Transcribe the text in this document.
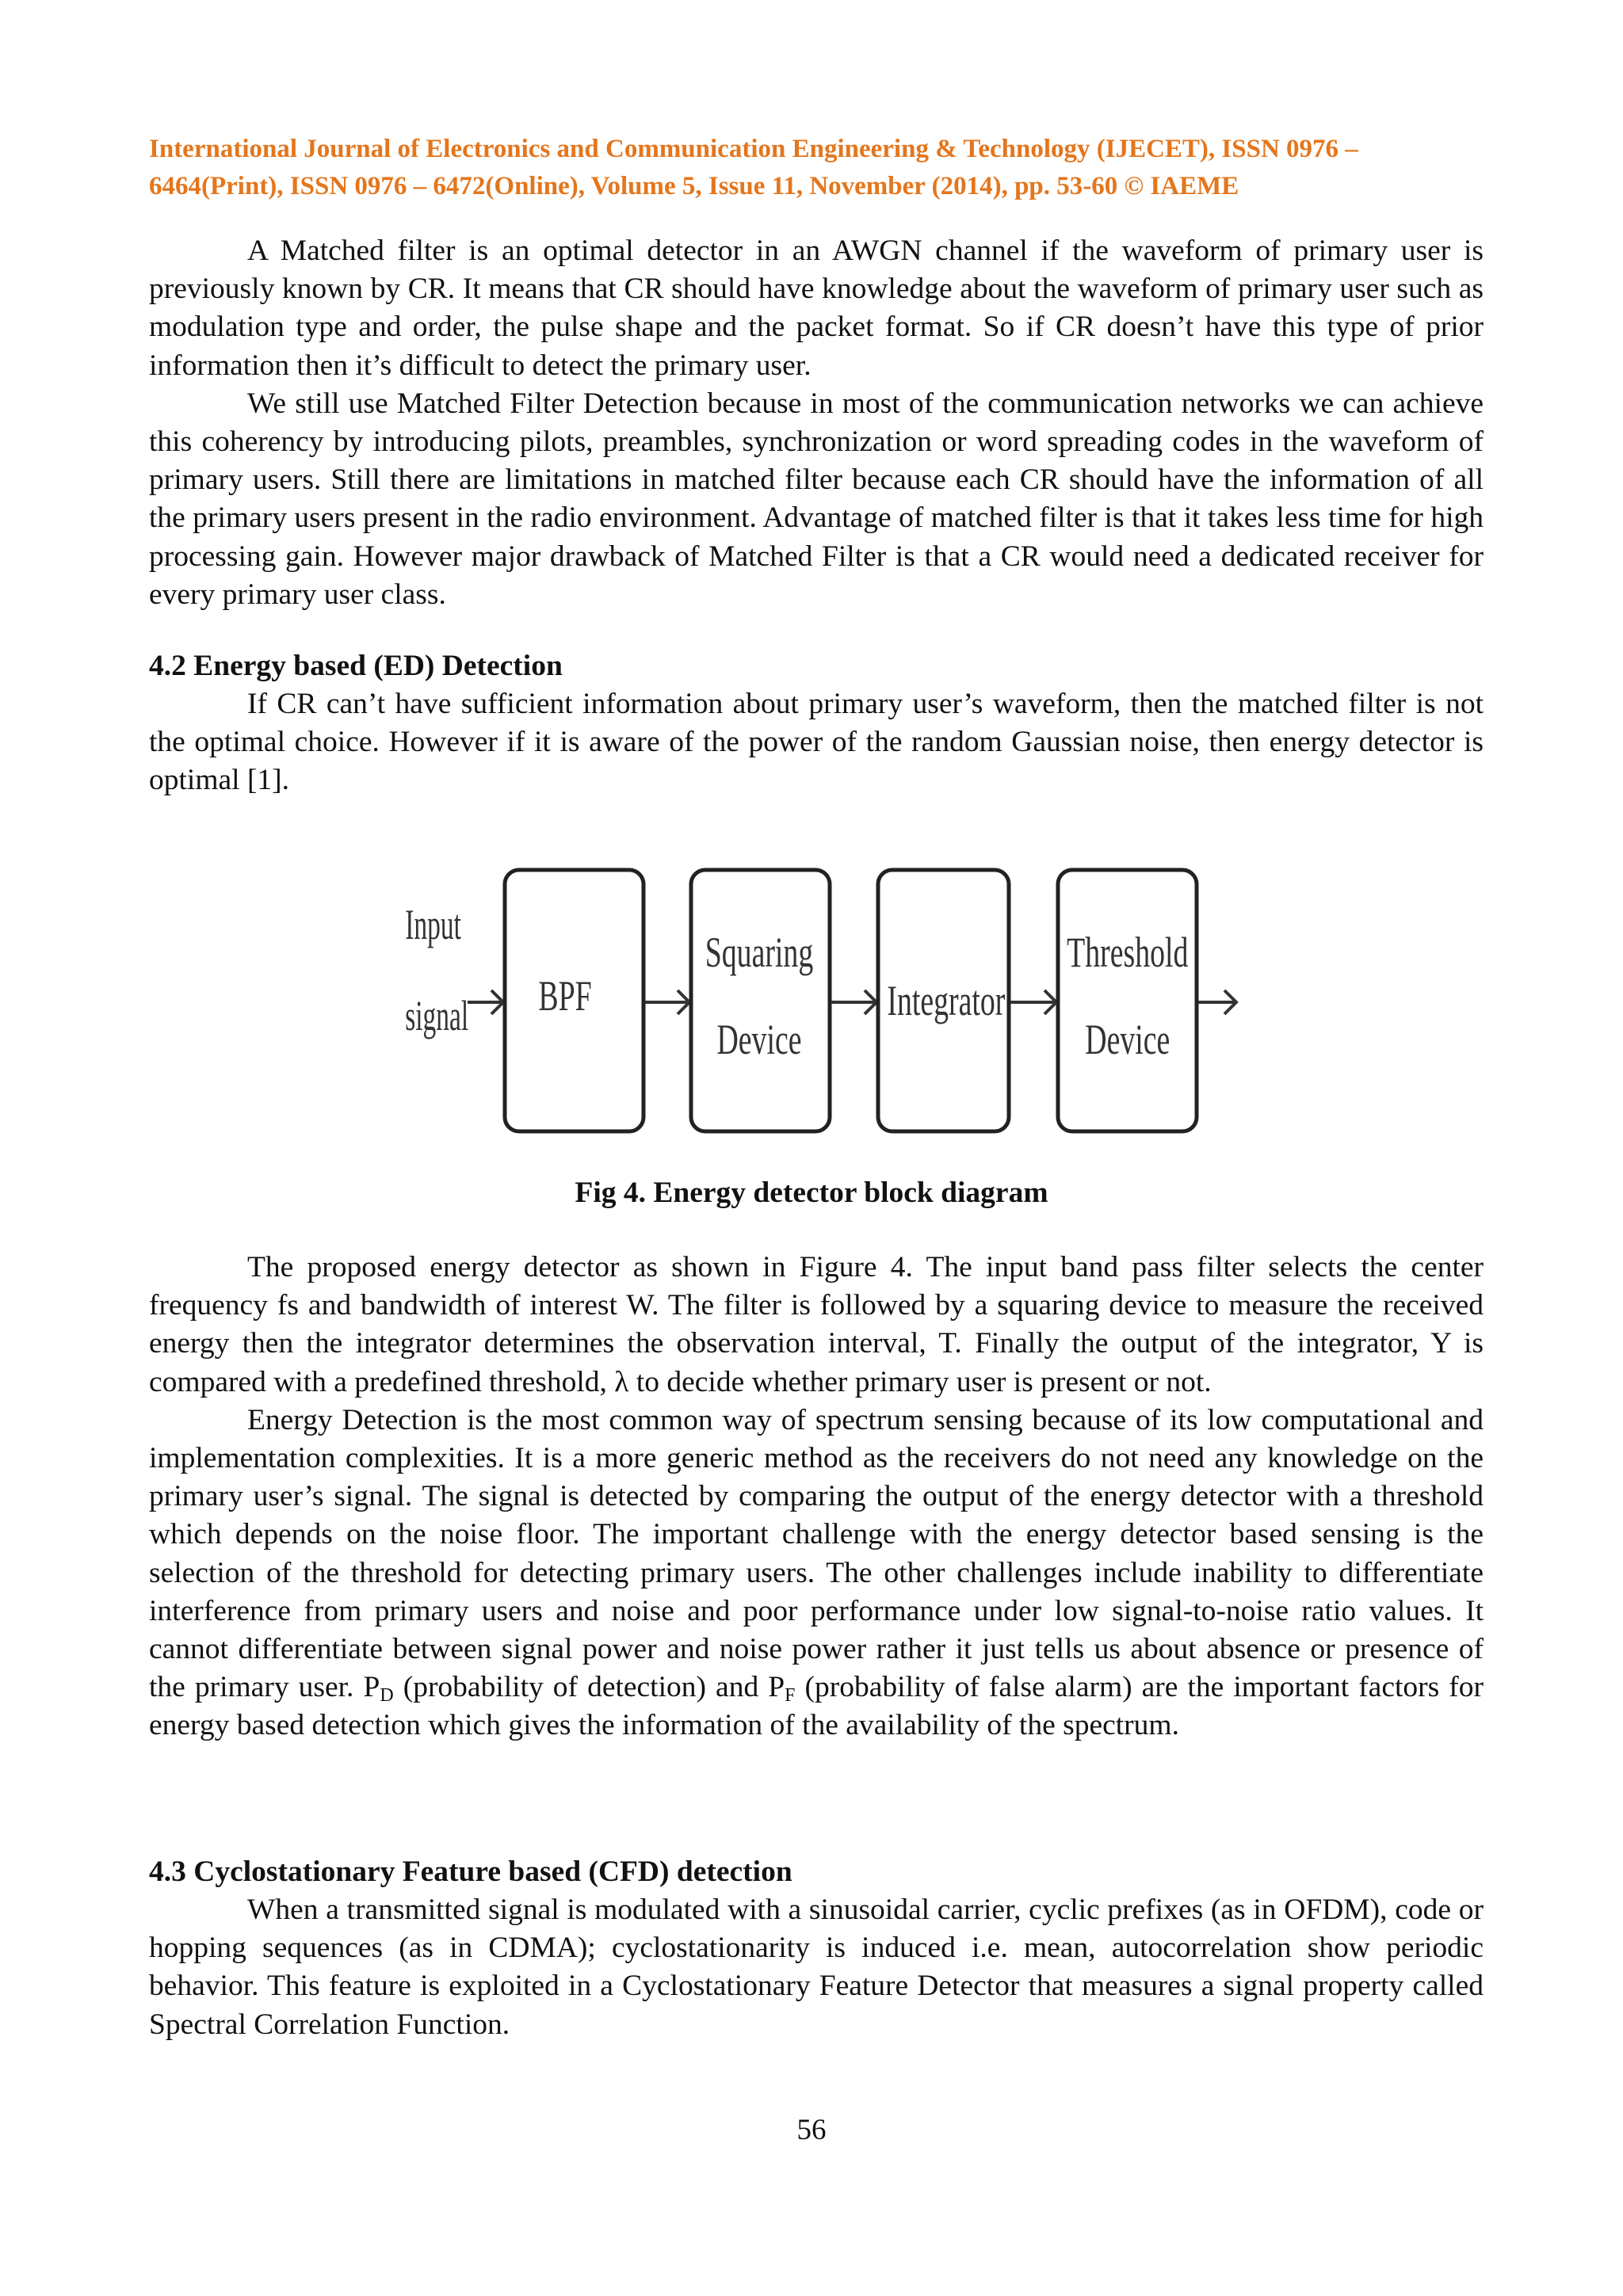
International Journal of Electronics and Communication Engineering & Technology (IJECET), ISSN 0976 –
6464(Print), ISSN 0976 – 6472(Online), Volume 5, Issue 11, November (2014), pp. 53-60 © IAEME

A Matched filter is an optimal detector in an AWGN channel if the waveform of primary user is previously known by CR. It means that CR should have knowledge about the waveform of primary user such as modulation type and order, the pulse shape and the packet format. So if CR doesn’t have this type of prior information then it’s difficult to detect the primary user.

We still use Matched Filter Detection because in most of the communication networks we can achieve this coherency by introducing pilots, preambles, synchronization or word spreading codes in the waveform of primary users. Still there are limitations in matched filter because each CR should have the information of all the primary users present in the radio environment. Advantage of matched filter is that it takes less time for high processing gain. However major drawback of Matched Filter is that a CR would need a dedicated receiver for every primary user class.

4.2 Energy based (ED) Detection

If CR can’t have sufficient information about primary user’s waveform, then the matched filter is not the optimal choice. However if it is aware of the power of the random Gaussian noise, then energy detector is optimal [1].

Input
signal BPF
Squaring
Device
Integrator
Threshold
Device
Fig 4. Energy detector block diagram

The proposed energy detector as shown in Figure 4. The input band pass filter selects the center frequency fs and bandwidth of interest W. The filter is followed by a squaring device to measure the received energy then the integrator determines the observation interval, T. Finally the output of the integrator, Y is compared with a predefined threshold, λ to decide whether primary user is present or not.

Energy Detection is the most common way of spectrum sensing because of its low computational and implementation complexities. It is a more generic method as the receivers do not need any knowledge on the primary user’s signal. The signal is detected by comparing the output of the energy detector with a threshold which depends on the noise floor. The important challenge with the energy detector based sensing is the selection of the threshold for detecting primary users. The other challenges include inability to differentiate interference from primary users and noise and poor performance under low signal-to-noise ratio values. It cannot differentiate between signal power and noise power rather it just tells us about absence or presence of the primary user. $P_D$ (probability of detection) and $P_F$ (probability of false alarm) are the important factors for energy based detection which gives the information of the availability of the spectrum.

4.3 Cyclostationary Feature based (CFD) detection

When a transmitted signal is modulated with a sinusoidal carrier, cyclic prefixes (as in OFDM), code or hopping sequences (as in CDMA); cyclostationarity is induced i.e. mean, autocorrelation show periodic behavior. This feature is exploited in a Cyclostationary Feature Detector that measures a signal property called Spectral Correlation Function.

56
